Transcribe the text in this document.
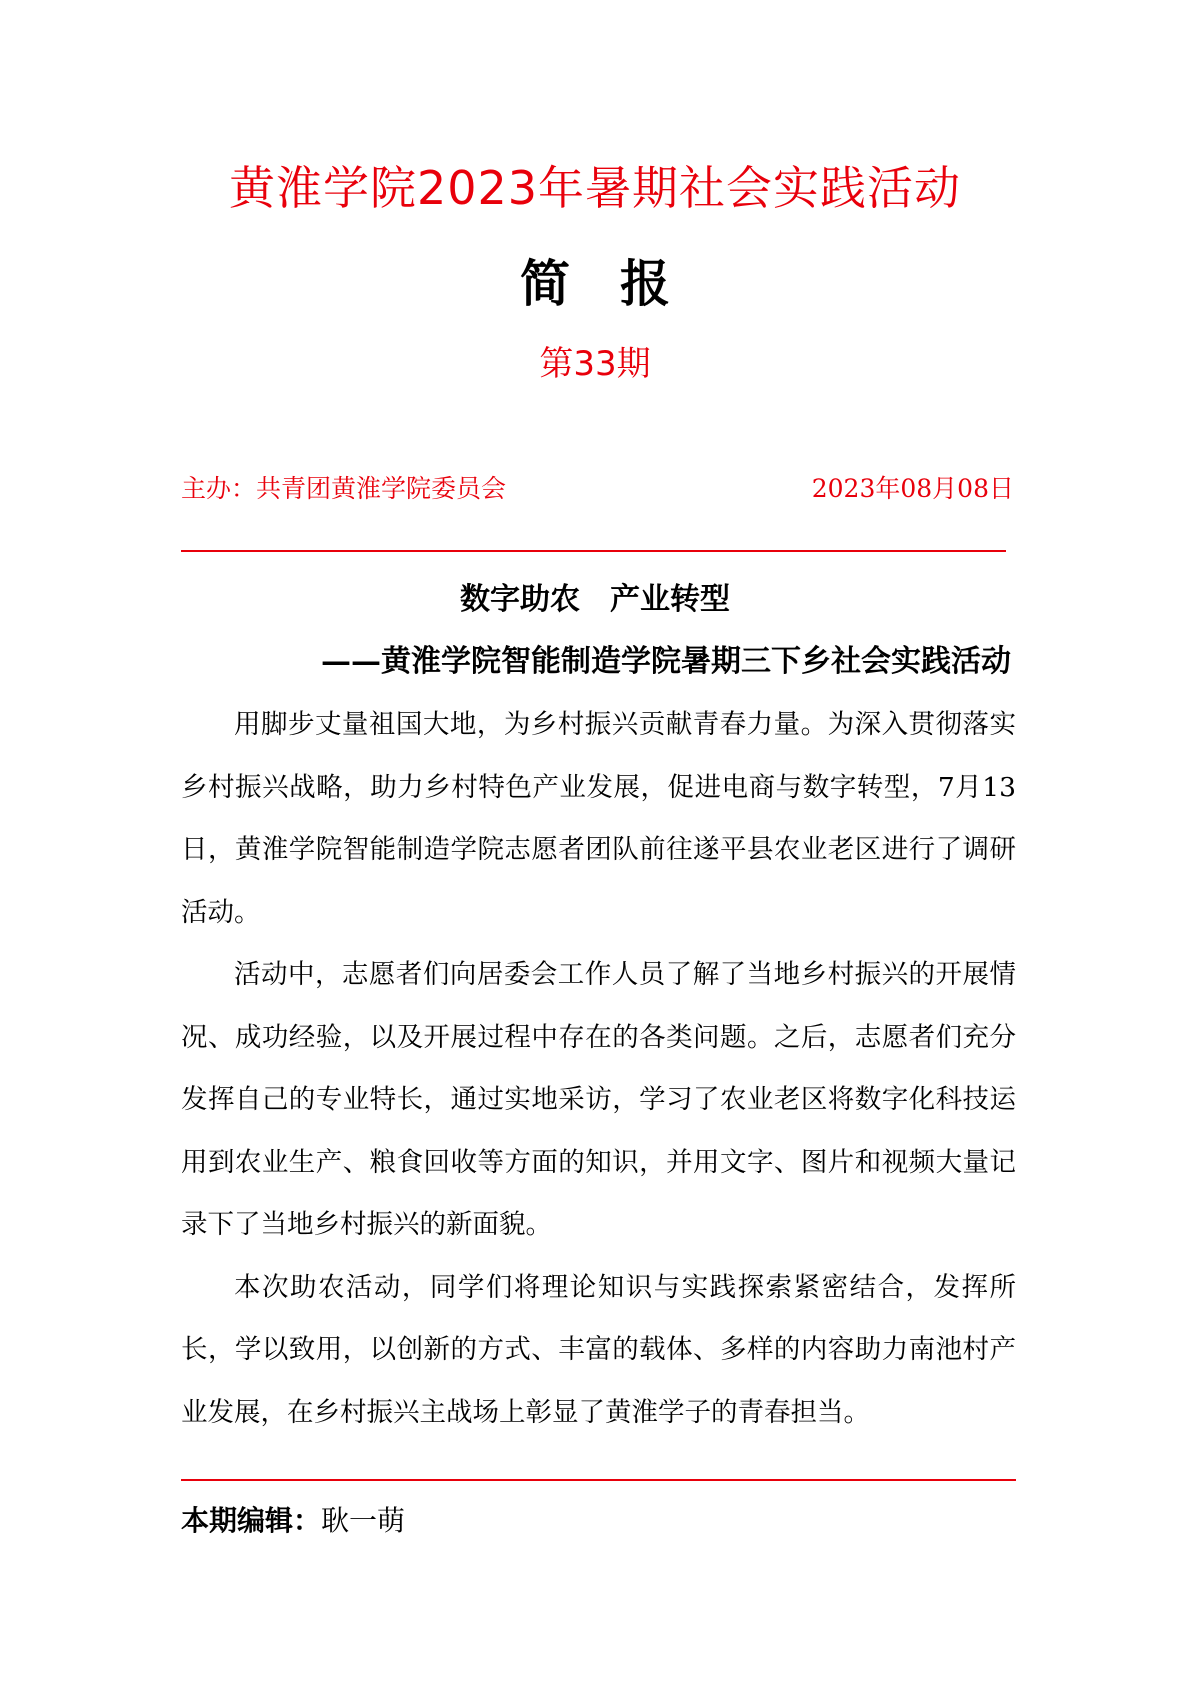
黄淮学院2023年暑期社会实践活动
简报
第33期
主办：共青团黄淮学院委员会	2023年08月08日
数字助农 产业转型
——黄淮学院智能制造学院暑期三下乡社会实践活动

用脚步丈量祖国大地，为乡村振兴贡献青春力量。为深入贯彻落实乡村振兴战略，助力乡村特色产业发展，促进电商与数字转型，7月13日，黄淮学院智能制造学院志愿者团队前往遂平县农业老区进行了调研活动。

活动中，志愿者们向居委会工作人员了解了当地乡村振兴的开展情况、成功经验，以及开展过程中存在的各类问题。之后，志愿者们充分发挥自己的专业特长，通过实地采访，学习了农业老区将数字化科技运用到农业生产、粮食回收等方面的知识，并用文字、图片和视频大量记录下了当地乡村振兴的新面貌。

本次助农活动，同学们将理论知识与实践探索紧密结合，发挥所长，学以致用，以创新的方式、丰富的载体、多样的内容助力南池村产业发展，在乡村振兴主战场上彰显了黄淮学子的青春担当。

本期编辑：耿一萌
